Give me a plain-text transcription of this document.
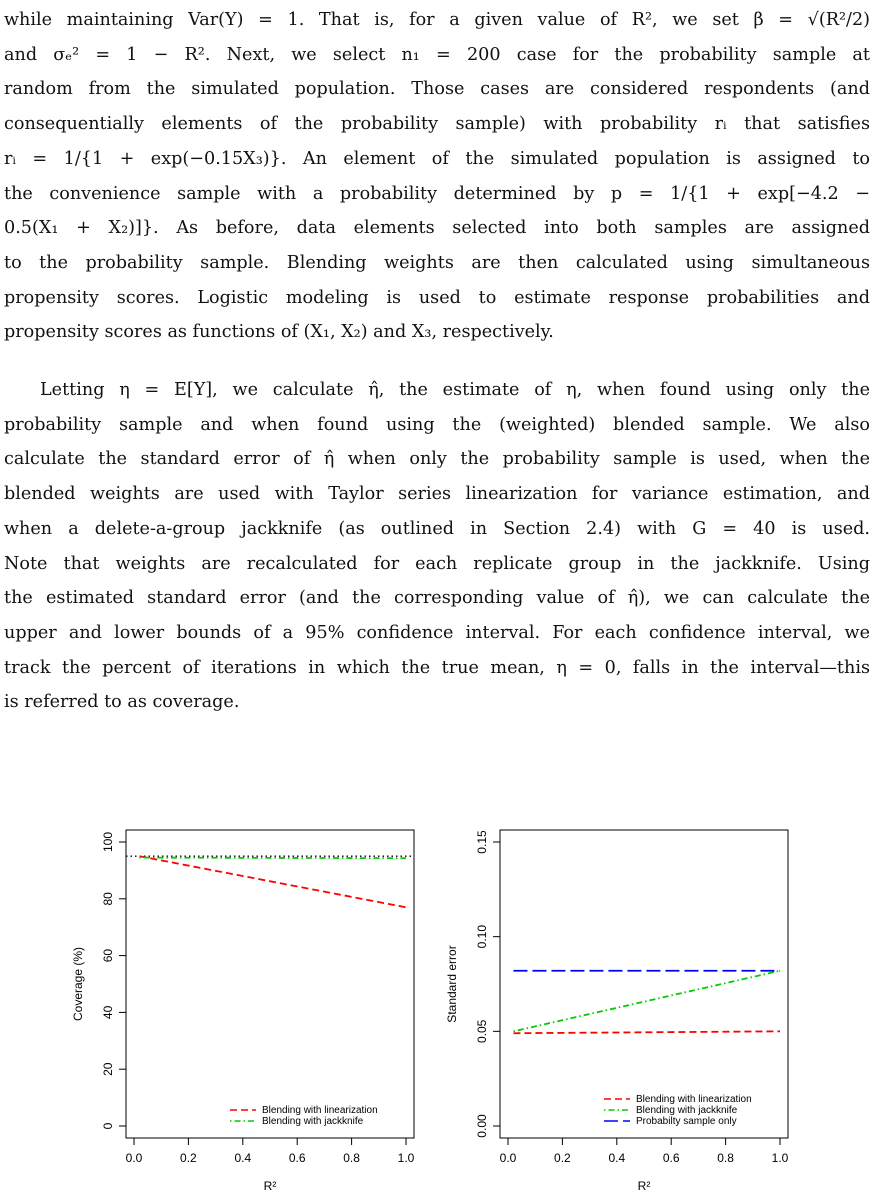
while maintaining Var(Y) = 1. That is, for a given value of R², we set β = √(R²/2)
and σₑ² = 1 − R². Next, we select n₁ = 200 case for the probability sample at
random from the simulated population. Those cases are considered respondents (and
consequentially elements of the probability sample) with probability rᵢ that satisfies
rᵢ = 1/{1 + exp(−0.15X₃)}. An element of the simulated population is assigned to
the convenience sample with a probability determined by p = 1/{1 + exp[−4.2 −
0.5(X₁ + X₂)]}. As before, data elements selected into both samples are assigned
to the probability sample. Blending weights are then calculated using simultaneous
propensity scores. Logistic modeling is used to estimate response probabilities and
propensity scores as functions of (X₁, X₂) and X₃, respectively.
Letting η = E[Y], we calculate η̂, the estimate of η, when found using only the
probability sample and when found using the (weighted) blended sample. We also
calculate the standard error of η̂ when only the probability sample is used, when the
blended weights are used with Taylor series linearization for variance estimation, and
when a delete-a-group jackknife (as outlined in Section 2.4) with G = 40 is used.
Note that weights are recalculated for each replicate group in the jackknife. Using
the estimated standard error (and the corresponding value of η̂), we can calculate the
upper and lower bounds of a 95% confidence interval. For each confidence interval, we
track the percent of iterations in which the true mean, η = 0, falls in the interval—this
is referred to as coverage.
0.0	0.2	0.4	0.6	0.8	1.0
0
20
40
60
80
100
R²
Coverage (%)
Blending with linearization
Blending with jackknife
0.0	0.2	0.4	0.6	0.8	1.0
0.00
0.05
0.10
0.15
R²
Standard error
Blending with linearization
Blending with jackknife
Probabilty sample only
